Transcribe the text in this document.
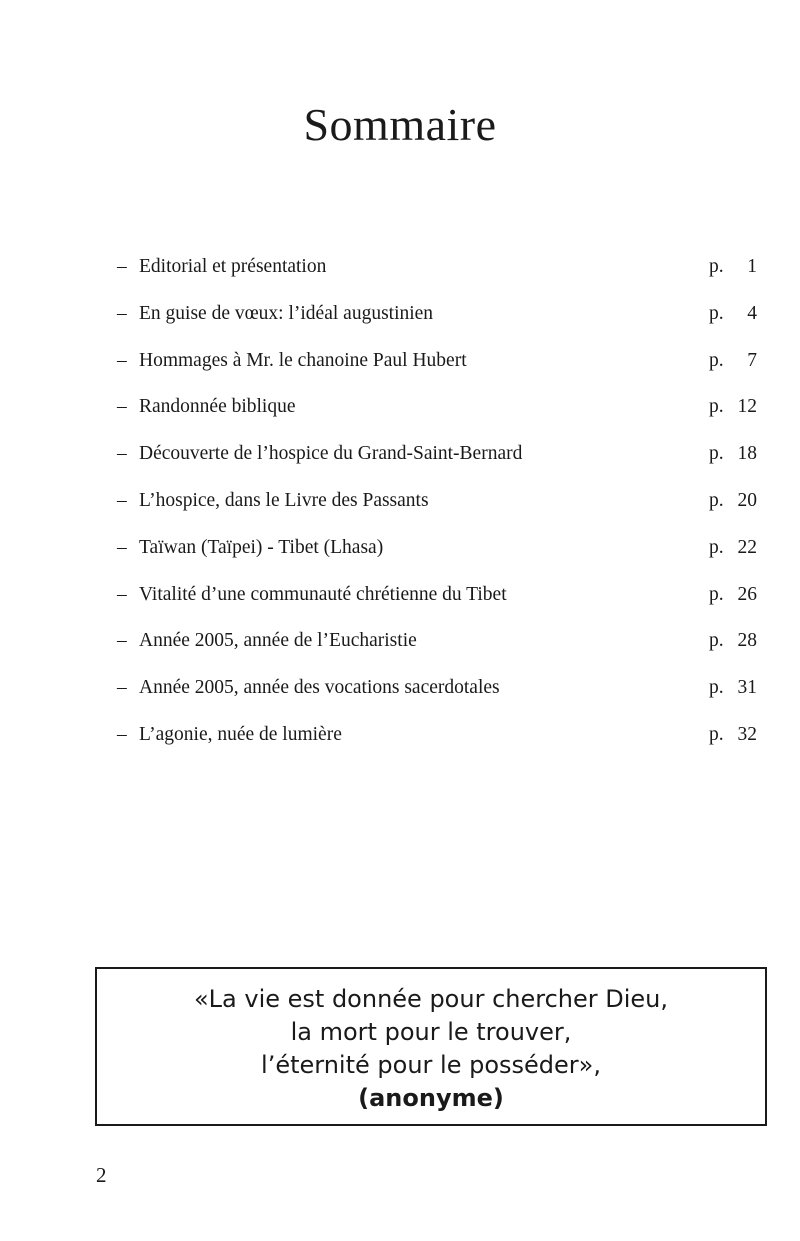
Sommaire
– Editorial et présentation	p. 1
– En guise de vœux: l’idéal augustinien	p. 4
– Hommages à Mr. le chanoine Paul Hubert	p. 7
– Randonnée biblique	p. 12
– Découverte de l’hospice du Grand-Saint-Bernard	p. 18
– L’hospice, dans le Livre des Passants	p. 20
– Taïwan (Taïpei) - Tibet (Lhasa)	p. 22
– Vitalité d’une communauté chrétienne du Tibet	p. 26
– Année 2005, année de l’Eucharistie	p. 28
– Année 2005, année des vocations sacerdotales	p. 31
– L’agonie, nuée de lumière	p. 32
«La vie est donnée pour chercher Dieu,
la mort pour le trouver,
l’éternité pour le posséder»,
(anonyme)
2
